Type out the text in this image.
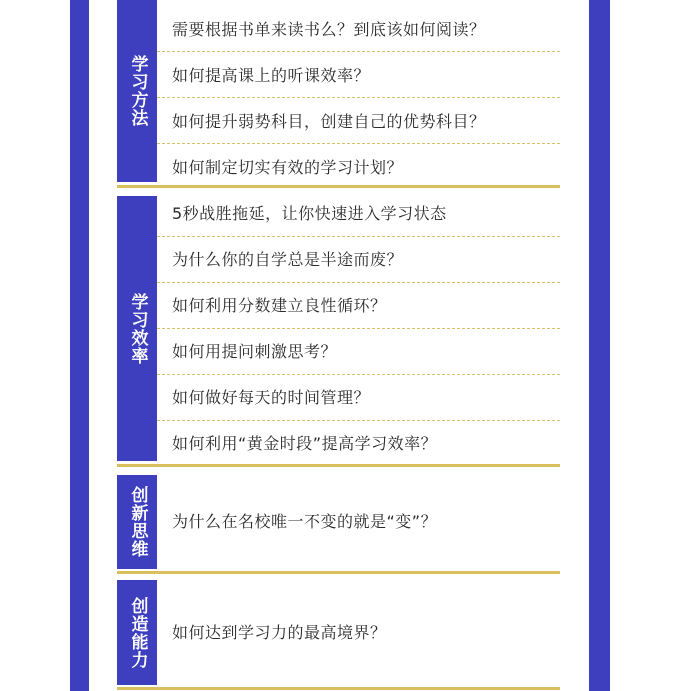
学习方法
需要根据书单来读书么？到底该如何阅读？
如何提高课上的听课效率？
如何提升弱势科目，创建自己的优势科目？
如何制定切实有效的学习计划？
学习效率
5秒战胜拖延，让你快速进入学习状态
为什么你的自学总是半途而废？
如何利用分数建立良性循环？
如何用提问刺激思考？
如何做好每天的时间管理？
如何利用“黄金时段”提高学习效率？
创新思维	为什么在名校唯一不变的就是“变”？
创造能力	如何达到学习力的最高境界？
